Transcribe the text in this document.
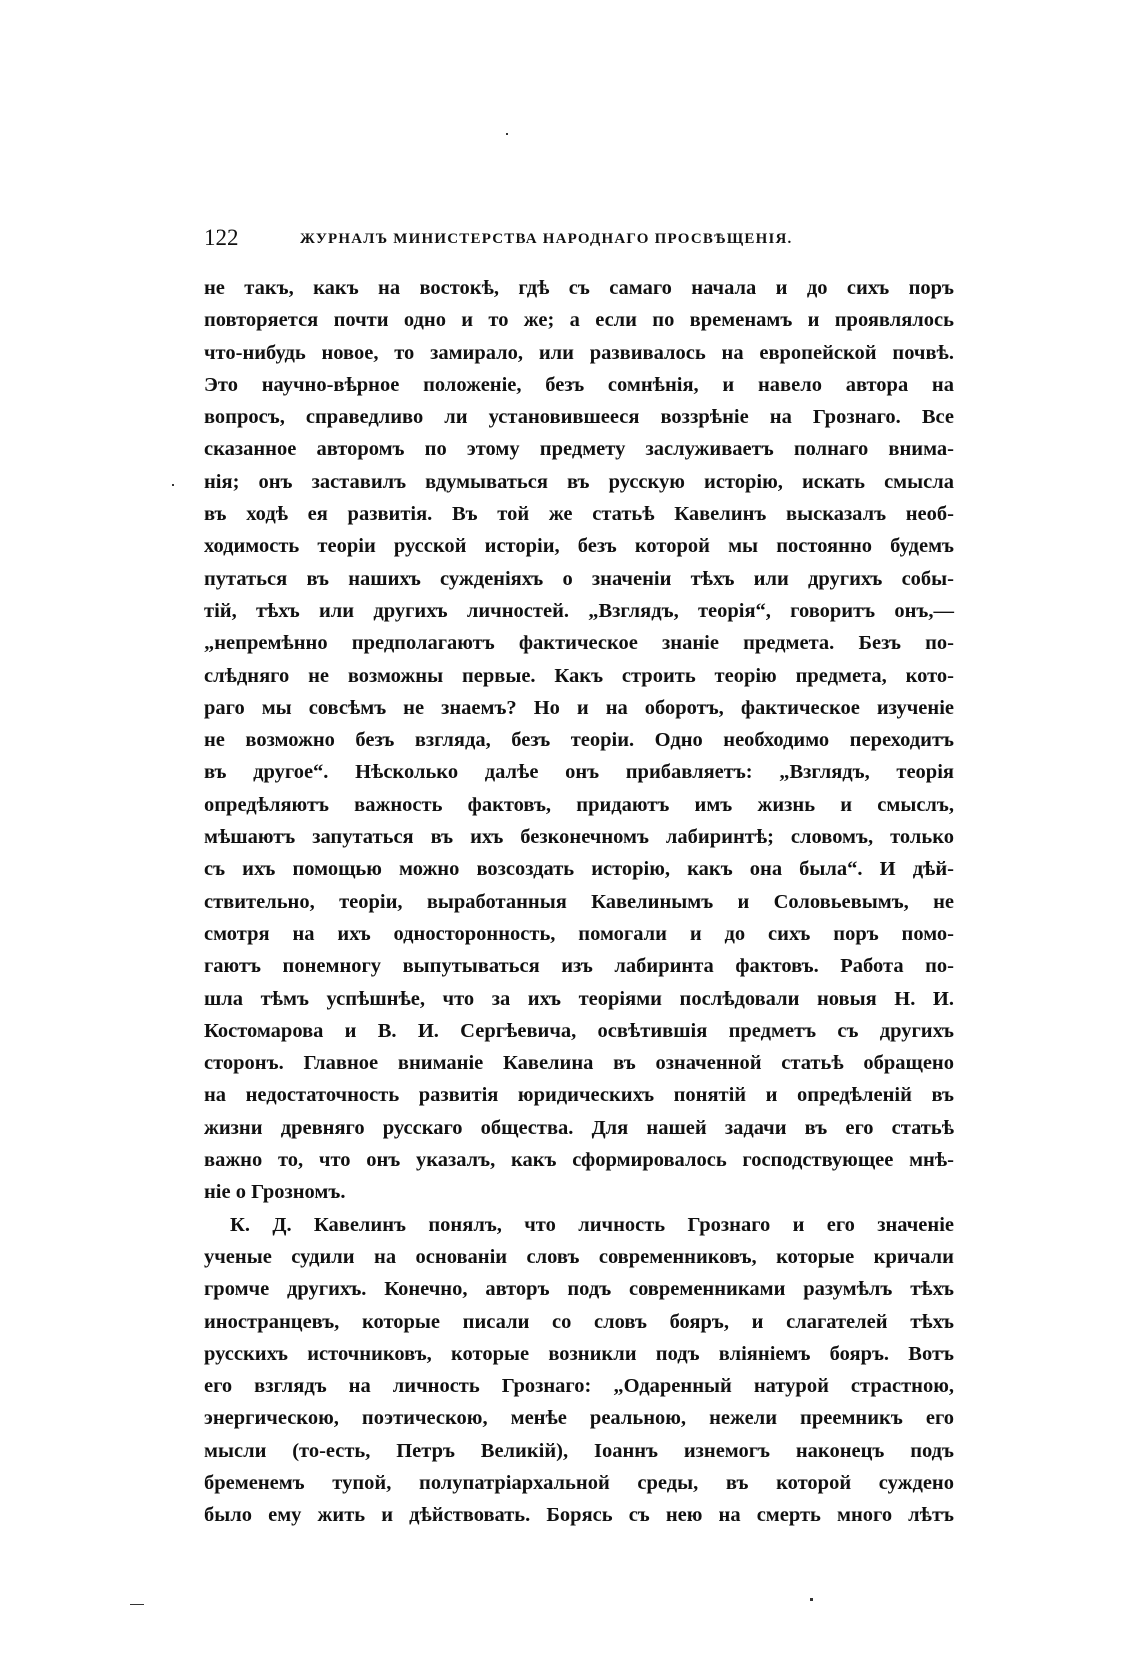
122	ЖУРНАЛЪ МИНИСТЕРСТВА НАРОДНАГО ПРОСВѢЩЕНІЯ.
не такъ, какъ на востокѣ, гдѣ съ самаго начала и до сихъ поръ
повторяется почти одно и то же; а если по временамъ и проявлялось
что-нибудь новое, то замирало, или развивалось на европейской почвѣ.
Это научно-вѣрное положеніе, безъ сомнѣнія, и навело автора на
вопросъ, справедливо ли установившееся воззрѣніе на Грознаго. Все
сказанное авторомъ по этому предмету заслуживаетъ полнаго внима-
нія; онъ заставилъ вдумываться въ русскую исторію, искать смысла
въ ходѣ ея развитія. Въ той же статьѣ Кавелинъ высказалъ необ-
ходимость теоріи русской исторіи, безъ которой мы постоянно будемъ
путаться въ нашихъ сужденіяхъ о значеніи тѣхъ или другихъ собы-
тій, тѣхъ или другихъ личностей. „Взглядъ, теорія“, говоритъ онъ,—
„непремѣнно предполагаютъ фактическое знаніе предмета. Безъ по-
слѣдняго не возможны первые. Какъ строить теорію предмета, кото-
раго мы совсѣмъ не знаемъ? Но и на оборотъ, фактическое изученіе
не возможно безъ взгляда, безъ теоріи. Одно необходимо переходитъ
въ другое“. Нѣсколько далѣе онъ прибавляетъ: „Взглядъ, теорія
опредѣляютъ важность фактовъ, придаютъ имъ жизнь и смыслъ,
мѣшаютъ запутаться въ ихъ безконечномъ лабиринтѣ; словомъ, только
съ ихъ помощью можно возсоздать исторію, какъ она была“. И дѣй-
ствительно, теоріи, выработанныя Кавелинымъ и Соловьевымъ, не
смотря на ихъ односторонность, помогали и до сихъ поръ помо-
гаютъ понемногу выпутываться изъ лабиринта фактовъ. Работа по-
шла тѣмъ успѣшнѣе, что за ихъ теоріями послѣдовали новыя Н. И.
Костомарова и В. И. Сергѣевича, освѣтившія предметъ съ другихъ
сторонъ. Главное вниманіе Кавелина въ означенной статьѣ обращено
на недостаточность развитія юридическихъ понятій и опредѣленій въ
жизни древняго русскаго общества. Для нашей задачи въ его статьѣ
важно то, что онъ указалъ, какъ сформировалось господствующее мнѣ-
ніе о Грозномъ.
К. Д. Кавелинъ понялъ, что личность Грознаго и его значеніе
ученые судили на основаніи словъ современниковъ, которые кричали
громче другихъ. Конечно, авторъ подъ современниками разумѣлъ тѣхъ
иностранцевъ, которые писали со словъ бояръ, и слагателей тѣхъ
русскихъ источниковъ, которые возникли подъ вліяніемъ бояръ. Вотъ
его взглядъ на личность Грознаго: „Одаренный натурой страстною,
энергическою, поэтическою, менѣе реальною, нежели преемникъ его
мысли (то-есть, Петръ Великій), Іоаннъ изнемогъ наконецъ подъ
бременемъ тупой, полупатріархальной среды, въ которой суждено
было ему жить и дѣйствовать. Борясь съ нею на смерть много лѣтъ
